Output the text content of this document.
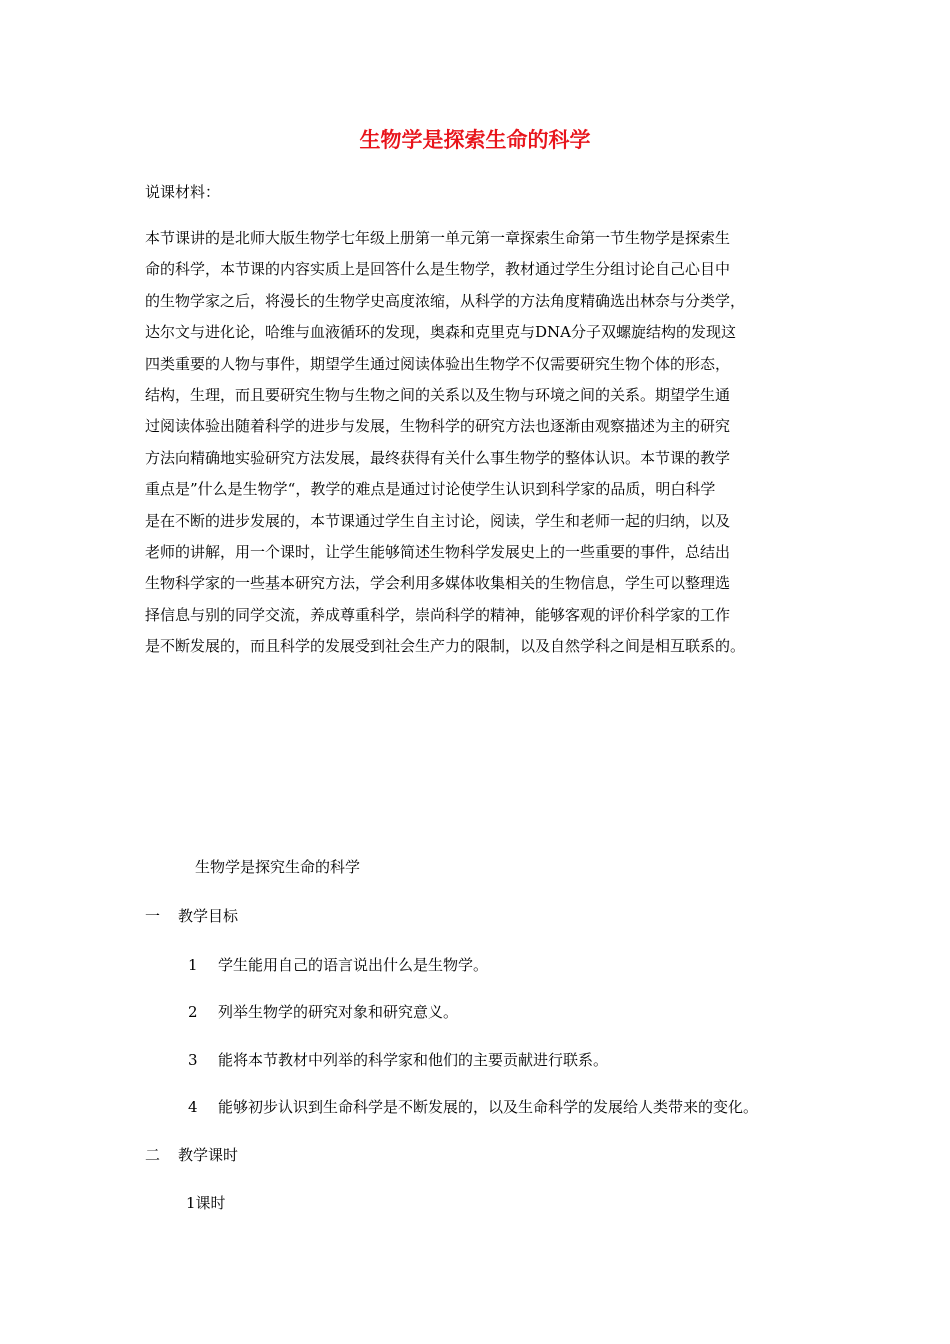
生物学是探索生命的科学

说课材料：

本节课讲的是北师大版生物学七年级上册第一单元第一章探索生命第一节生物学是探索生
命的科学，本节课的内容实质上是回答什么是生物学，教材通过学生分组讨论自己心目中
的生物学家之后，将漫长的生物学史高度浓缩，从科学的方法角度精确选出林奈与分类学，
达尔文与进化论，哈维与血液循环的发现，奥森和克里克与DNA分子双螺旋结构的发现这
四类重要的人物与事件，期望学生通过阅读体验出生物学不仅需要研究生物个体的形态，
结构，生理，而且要研究生物与生物之间的关系以及生物与环境之间的关系。期望学生通
过阅读体验出随着科学的进步与发展，生物科学的研究方法也逐渐由观察描述为主的研究
方法向精确地实验研究方法发展，最终获得有关什么事生物学的整体认识。本节课的教学
重点是”什么是生物学“，教学的难点是通过讨论使学生认识到科学家的品质，明白科学
是在不断的进步发展的，本节课通过学生自主讨论，阅读，学生和老师一起的归纳，以及
老师的讲解，用一个课时，让学生能够简述生物科学发展史上的一些重要的事件，总结出
生物科学家的一些基本研究方法，学会利用多媒体收集相关的生物信息，学生可以整理选
择信息与别的同学交流，养成尊重科学，崇尚科学的精神，能够客观的评价科学家的工作
是不断发展的，而且科学的发展受到社会生产力的限制，以及自然学科之间是相互联系的。

生物学是探究生命的科学

一 教学目标

1 学生能用自己的语言说出什么是生物学。

2 列举生物学的研究对象和研究意义。

3 能将本节教材中列举的科学家和他们的主要贡献进行联系。

4 能够初步认识到生命科学是不断发展的，以及生命科学的发展给人类带来的变化。

二 教学课时

1课时
